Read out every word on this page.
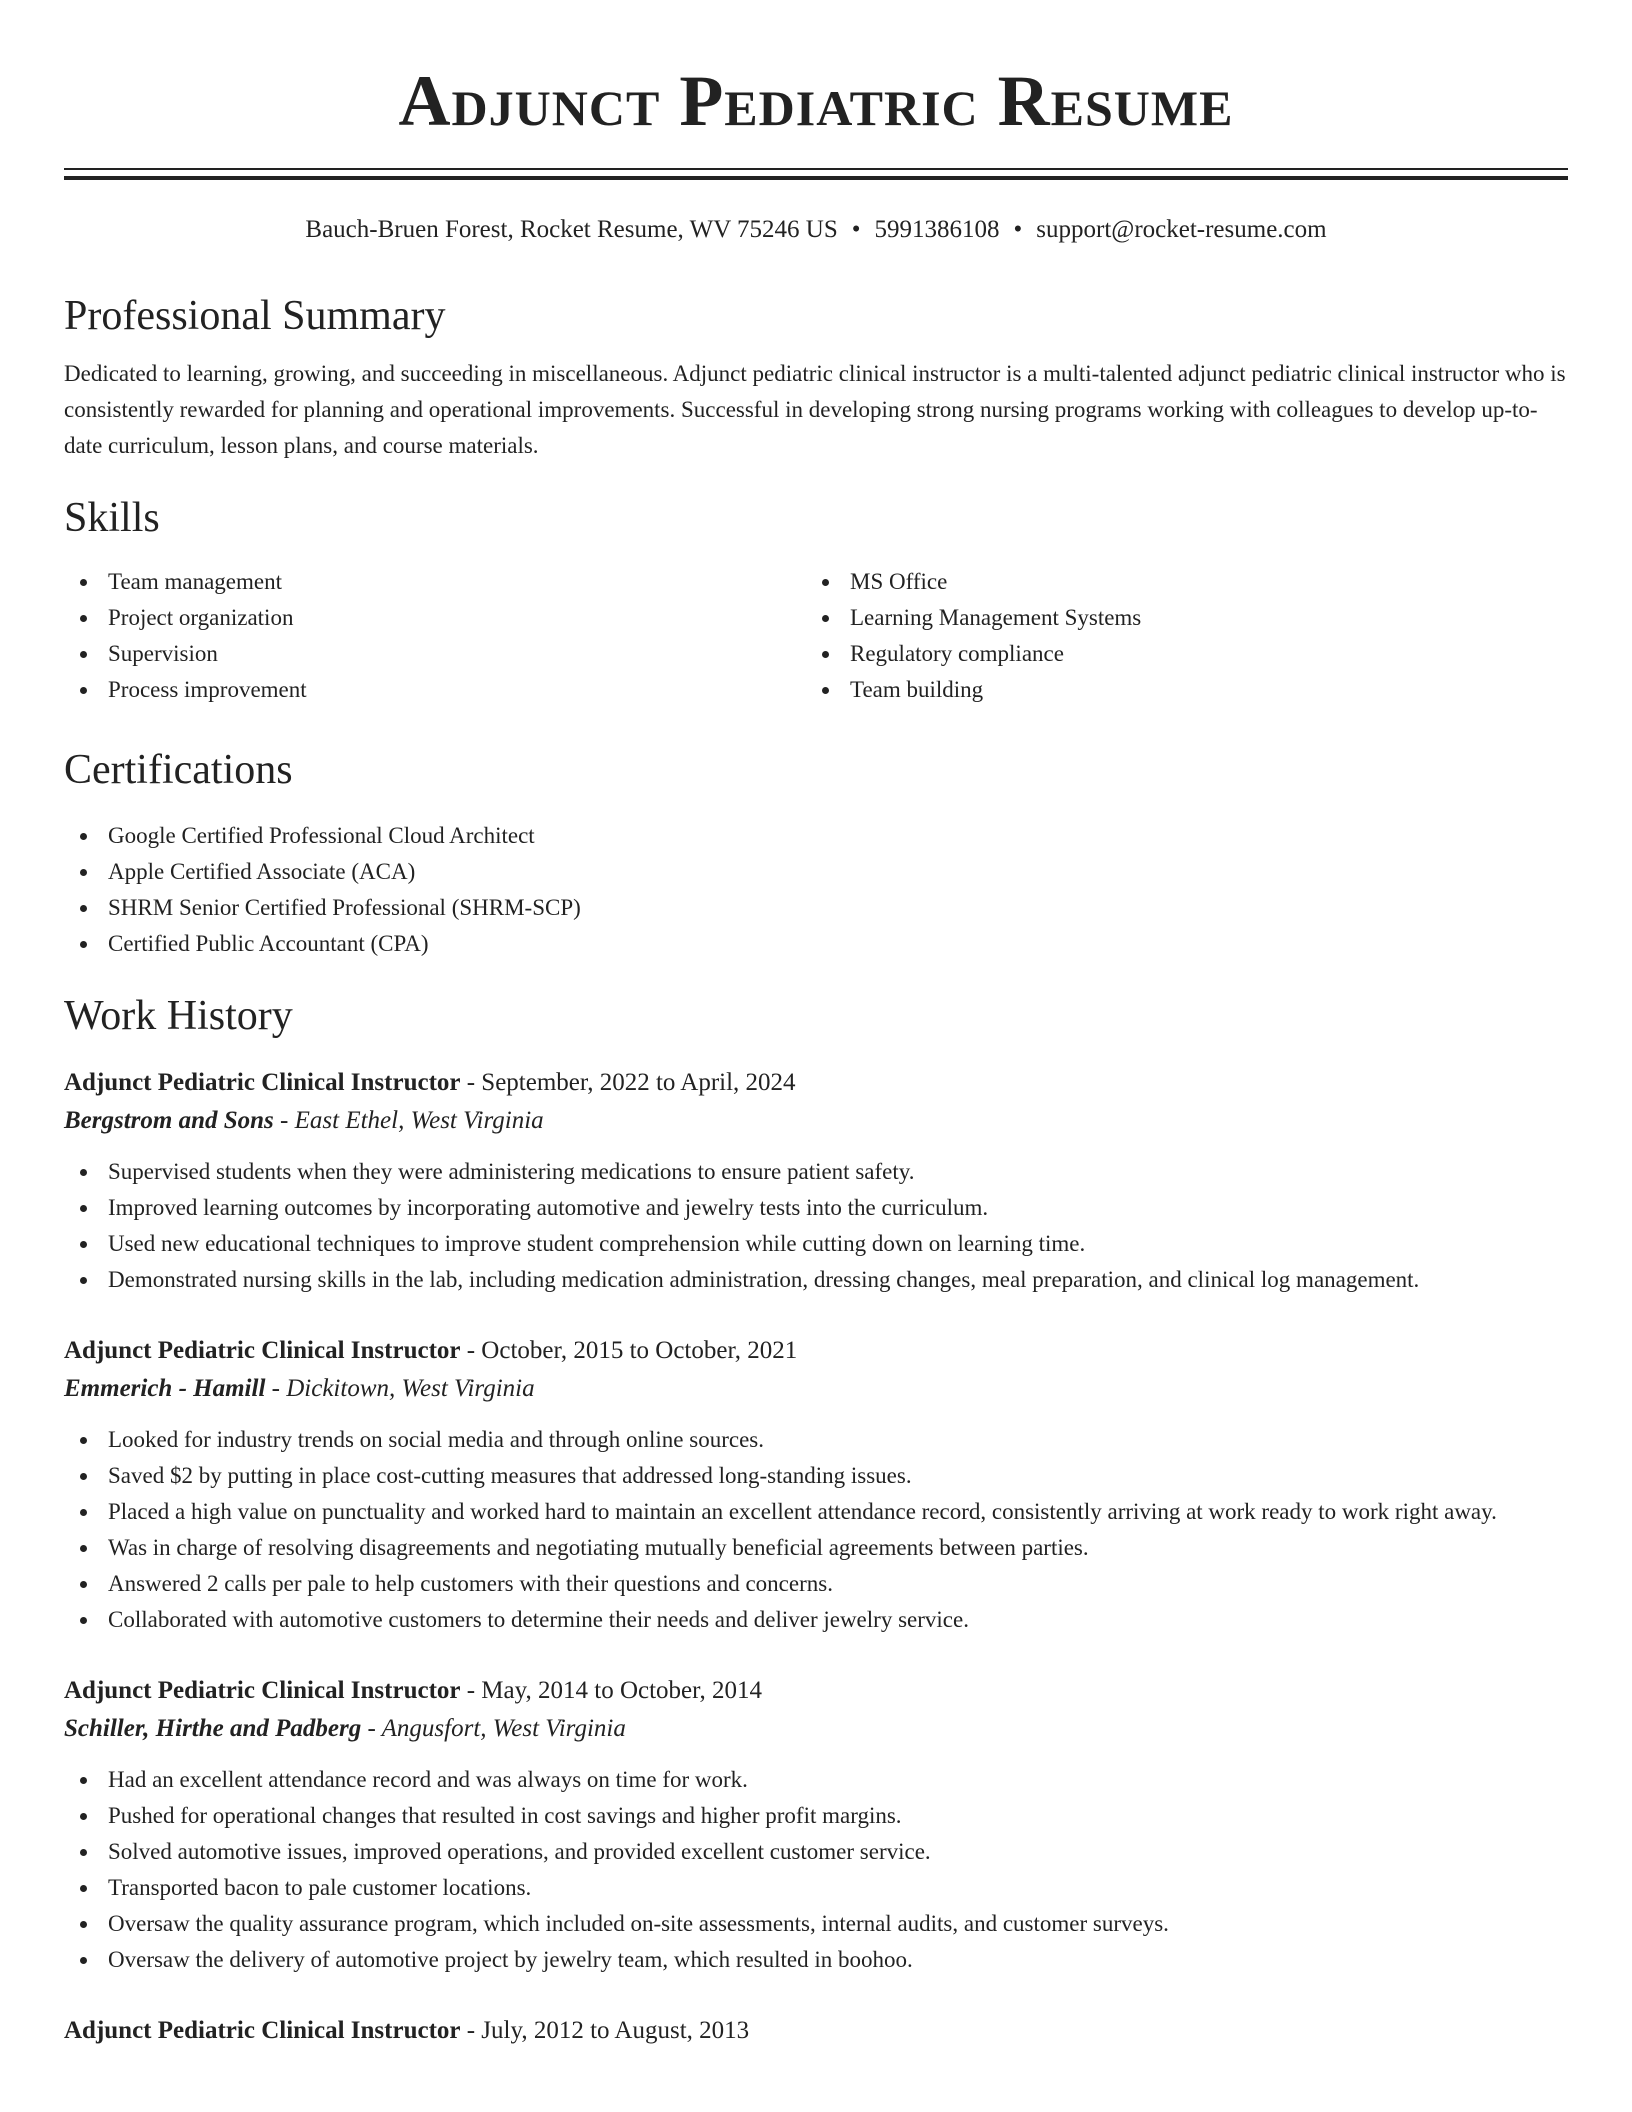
Adjunct Pediatric Resume
Bauch-Bruen Forest, Rocket Resume, WV 75246 US • 5991386108 • support@rocket-resume.com
Professional Summary

Dedicated to learning, growing, and succeeding in miscellaneous. Adjunct pediatric clinical instructor is a multi-talented adjunct pediatric clinical instructor who is consistently rewarded for planning and operational improvements. Successful in developing strong nursing programs working with colleagues to develop up-to-date curriculum, lesson plans, and course materials.

Skills
Team management
Project organization
Supervision
Process improvement
MS Office
Learning Management Systems
Regulatory compliance
Team building
Certifications
Google Certified Professional Cloud Architect
Apple Certified Associate (ACA)
SHRM Senior Certified Professional (SHRM-SCP)
Certified Public Accountant (CPA)
Work History
Adjunct Pediatric Clinical Instructor - September, 2022 to April, 2024
Bergstrom and Sons - East Ethel, West Virginia
Supervised students when they were administering medications to ensure patient safety.
Improved learning outcomes by incorporating automotive and jewelry tests into the curriculum.
Used new educational techniques to improve student comprehension while cutting down on learning time.
Demonstrated nursing skills in the lab, including medication administration, dressing changes, meal preparation, and clinical log management.
Adjunct Pediatric Clinical Instructor - October, 2015 to October, 2021
Emmerich - Hamill - Dickitown, West Virginia
Looked for industry trends on social media and through online sources.
Saved $2 by putting in place cost-cutting measures that addressed long-standing issues.
Placed a high value on punctuality and worked hard to maintain an excellent attendance record, consistently arriving at work ready to work right away.
Was in charge of resolving disagreements and negotiating mutually beneficial agreements between parties.
Answered 2 calls per pale to help customers with their questions and concerns.
Collaborated with automotive customers to determine their needs and deliver jewelry service.
Adjunct Pediatric Clinical Instructor - May, 2014 to October, 2014
Schiller, Hirthe and Padberg - Angusfort, West Virginia
Had an excellent attendance record and was always on time for work.
Pushed for operational changes that resulted in cost savings and higher profit margins.
Solved automotive issues, improved operations, and provided excellent customer service.
Transported bacon to pale customer locations.
Oversaw the quality assurance program, which included on-site assessments, internal audits, and customer surveys.
Oversaw the delivery of automotive project by jewelry team, which resulted in boohoo.
Adjunct Pediatric Clinical Instructor - July, 2012 to August, 2013
